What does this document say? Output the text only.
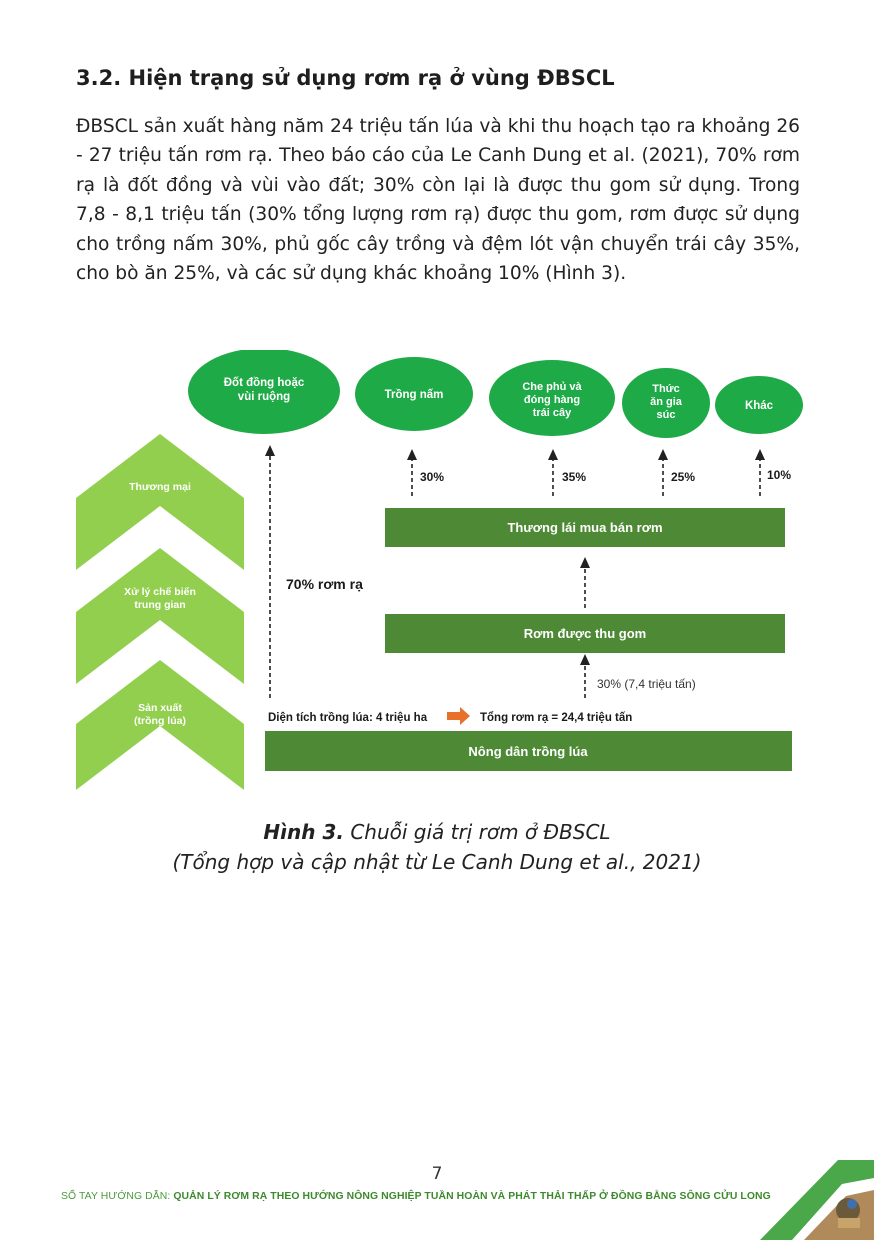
3.2. Hiện trạng sử dụng rơm rạ ở vùng ĐBSCL
ĐBSCL sản xuất hàng năm 24 triệu tấn lúa và khi thu hoạch tạo ra khoảng 26 - 27 triệu tấn rơm rạ. Theo báo cáo của Le Canh Dung et al. (2021), 70% rơm rạ là đốt đồng và vùi vào đất; 30% còn lại là được thu gom sử dụng. Trong 7,8 - 8,1 triệu tấn (30% tổng lượng rơm rạ) được thu gom, rơm được sử dụng cho trồng nấm 30%, phủ gốc cây trồng và đệm lót vận chuyển trái cây 35%, cho bò ăn 25%, và các sử dụng khác khoảng 10% (Hình 3).
Thương mại
Xử lý chế biến
trung gian
Sản xuất
(trồng lúa)
Đốt đồng hoặc
vùi ruộng	Trồng nấm
Che phủ và
đóng hàng
trái cây
Thức
ăn gia
súc
Khác
30%	35%	25%	10%
70% rơm rạ
30% (7,4 triệu tấn)
Thương lái mua bán rơm
Rơm được thu gom
Nông dân trồng lúa
Diện tích trồng lúa: 4 triệu ha	Tổng rơm rạ = 24,4 triệu tấn
Hình 3. Chuỗi giá trị rơm ở ĐBSCL
(Tổng hợp và cập nhật từ Le Canh Dung et al., 2021)
7
SỔ TAY HƯỚNG DẪN: QUẢN LÝ RƠM RẠ THEO HƯỚNG NÔNG NGHIỆP TUẦN HOÀN VÀ PHÁT THẢI THẤP Ở ĐỒNG BẰNG SÔNG CỬU LONG
